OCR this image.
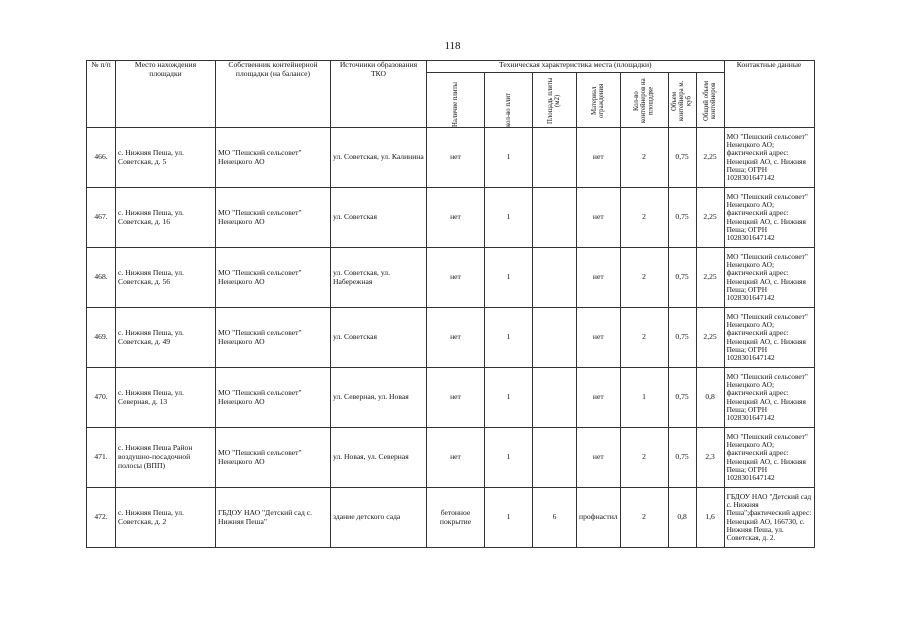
118
№ п/п	Место нахождения площадки	Собственник контейнерной площадки (на балансе)	Источники образования ТКО	Техническая характеристика места (площадки)							Контактные данные

				Наличие плиты	кол-во плит	Площадь плиты (м2)	Материал ограждения	Кол-во контейнеров на площадке	Объем контейнера м. куб	Общий объем контейнеров	

466.	с. Нижняя Пеша, ул. Советская, д. 5	МО "Пешский сельсовет" Ненецкого АО	ул. Советская, ул. Калинина	нет	1		нет	2	0,75	2,25	МО "Пешский сельсовет" Ненецкого АО; фактический адрес: Ненецкий АО, с. Нижняя Пеша; ОГРН 1028301647142
467.	с. Нижняя Пеша, ул. Советская, д. 16	МО "Пешский сельсовет" Ненецкого АО	ул. Советская	нет	1		нет	2	0,75	2,25	МО "Пешский сельсовет" Ненецкого АО; фактический адрес: Ненецкий АО, с. Нижняя Пеша; ОГРН 1028301647142
468.	с. Нижняя Пеша, ул. Советская, д. 56	МО "Пешский сельсовет" Ненецкого АО	ул. Советская, ул. Набережная	нет	1		нет	2	0,75	2,25	МО "Пешский сельсовет" Ненецкого АО; фактический адрес: Ненецкий АО, с. Нижняя Пеша; ОГРН 1028301647142
469.	с. Нижняя Пеша, ул. Советская, д. 49	МО "Пешский сельсовет" Ненецкого АО	ул. Советская	нет	1		нет	2	0,75	2,25	МО "Пешский сельсовет" Ненецкого АО; фактический адрес: Ненецкий АО, с. Нижняя Пеша; ОГРН 1028301647142
470.	с. Нижняя Пеша, ул. Северная, д. 13	МО "Пешский сельсовет" Ненецкого АО	ул. Северная, ул. Новая	нет	1		нет	1	0,75	0,8	МО "Пешский сельсовет" Ненецкого АО; фактический адрес: Ненецкий АО, с. Нижняя Пеша; ОГРН 1028301647142
471.	с. Нижняя Пеша Район воздушно-посадочной полосы (ВПП)	МО "Пешский сельсовет" Ненецкого АО	ул. Новая, ул. Северная	нет	1		нет	2	0,75	2,3	МО "Пешский сельсовет" Ненецкого АО; фактический адрес: Ненецкий АО, с. Нижняя Пеша; ОГРН 1028301647142
472.	с. Нижняя Пеша, ул. Советская, д. 2	ГБДОУ НАО "Детский сад с. Нижняя Пеша"	здание детского сада	бетонное покрытие	1	6	профнастил	2	0,8	1,6	ГБДОУ НАО "Детский сад с. Нижняя Пеша";фактический адрес: Ненецкий АО, 166730, с. Нижняя Пеша, ул. Советская, д. 2.
